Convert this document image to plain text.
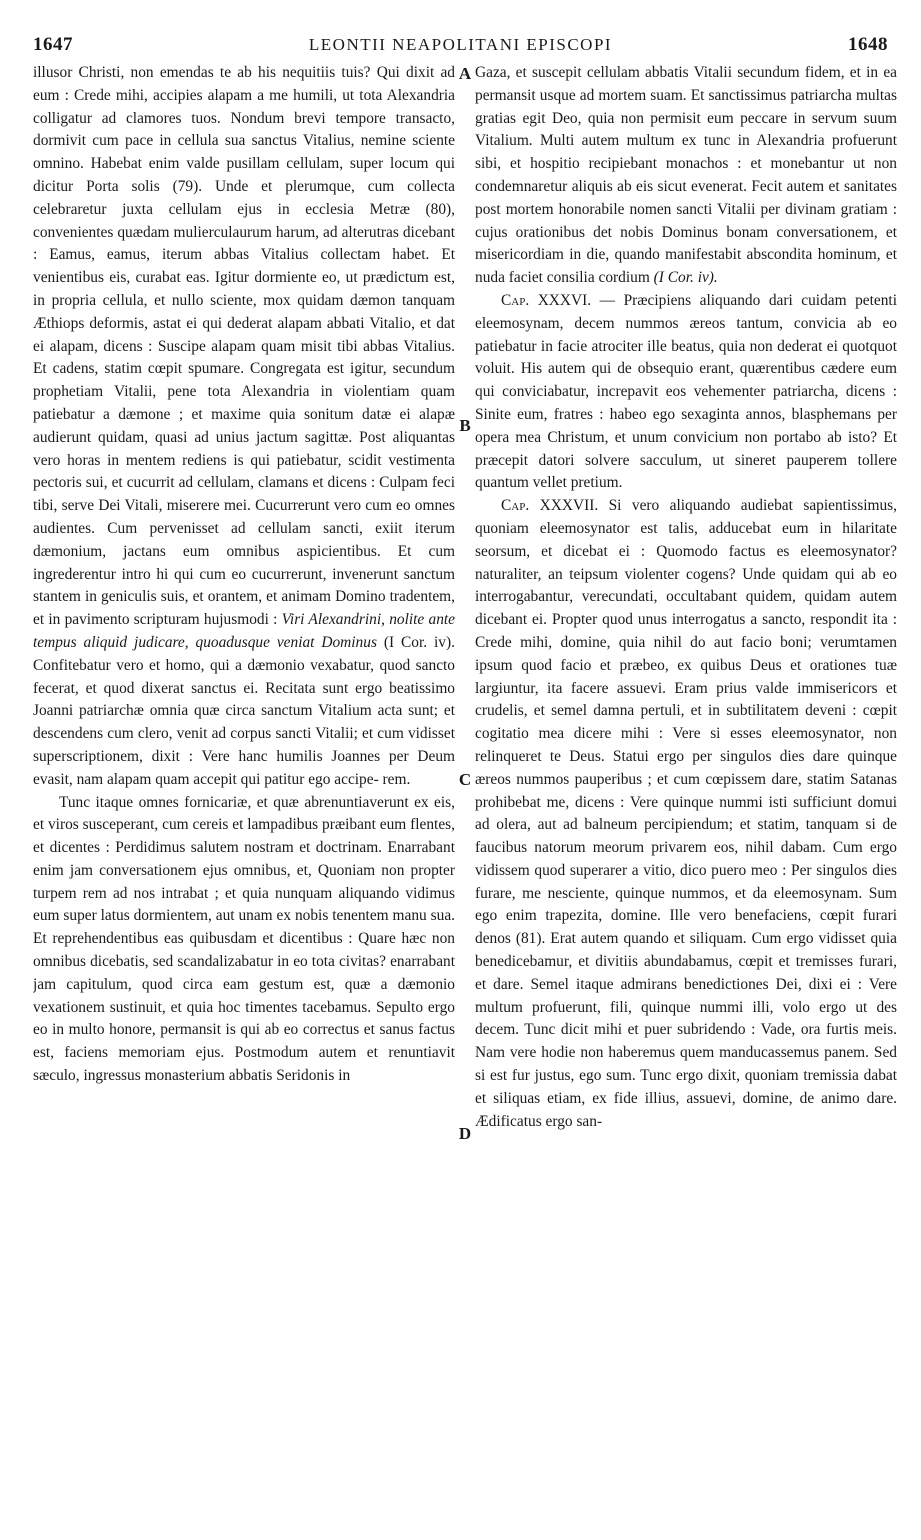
1647	LEONTII NEAPOLITANI EPISCOPI	1648

illusor Christi, non emendas te ab his nequitiis tuis? Qui dixit ad eum : Crede mihi, accipies alapam a me humili, ut tota Alexandria colligatur ad clamores tuos. Nondum brevi tempore transacto, dormivit cum pace in cellula sua sanctus Vitalius, nemine sciente omnino. Habebat enim valde pusillam cellulam, super locum qui dicitur Porta solis (79). Unde et plerumque, cum collecta celebraretur juxta cellulam ejus in ecclesia Metræ (80), convenientes quædam mulierculaurum harum, ad alterutras dicebant : Eamus, eamus, iterum abbas Vitalius collectam habet. Et venientibus eis, curabat eas. Igitur dormiente eo, ut prædictum est, in propria cellula, et nullo sciente, mox quidam dæmon tanquam Æthiops deformis, astat ei qui dederat alapam abbati Vitalio, et dat ei alapam, dicens : Suscipe alapam quam misit tibi abbas Vitalius. Et cadens, statim cœpit spumare. Congregata est igitur, secundum prophetiam Vitalii, pene tota Alexandria in violentiam quam patiebatur a dæmone ; et maxime quia sonitum datæ ei alapæ audierunt quidam, quasi ad unius jactum sagittæ. Post aliquantas vero horas in mentem rediens is qui patiebatur, scidit vestimenta pectoris sui, et cucurrit ad cellulam, clamans et dicens : Culpam feci tibi, serve Dei Vitali, miserere mei. Cucurrerunt vero cum eo omnes audientes. Cum pervenisset ad cellulam sancti, exiit iterum dæmonium, jactans eum omnibus aspicientibus. Et cum ingrederentur intro hi qui cum eo cucurrerunt, invenerunt sanctum stantem in geniculis suis, et orantem, et animam Domino tradentem, et in pavimento scripturam hujusmodi : Viri Alexandrini, nolite ante tempus aliquid judicare, quoadusque veniat Dominus (I Cor. iv). Confitebatur vero et homo, qui a dæmonio vexabatur, quod sancto fecerat, et quod dixerat sanctus ei. Recitata sunt ergo beatissimo Joanni patriarchæ omnia quæ circa sanctum Vitalium acta sunt; et descendens cum clero, venit ad corpus sancti Vitalii; et cum vidisset superscriptionem, dixit : Vere hanc humilis Joannes per Deum evasit, nam alapam quam accepit qui patitur ego accipe- rem.

Tunc itaque omnes fornicariæ, et quæ abrenuntiaverunt ex eis, et viros susceperant, cum cereis et lampadibus præibant eum flentes, et dicentes : Perdidimus salutem nostram et doctrinam. Enarrabant enim jam conversationem ejus omnibus, et, Quoniam non propter turpem rem ad nos intrabat ; et quia nunquam aliquando vidimus eum super latus dormientem, aut unam ex nobis tenentem manu sua. Et reprehendentibus eas quibusdam et dicentibus : Quare hæc non omnibus dicebatis, sed scandalizabatur in eo tota civitas? enarrabant jam capitulum, quod circa eam gestum est, quæ a dæmonio vexationem sustinuit, et quia hoc timentes tacebamus. Sepulto ergo eo in multo honore, permansit is qui ab eo correctus et sanus factus est, faciens memoriam ejus. Postmodum autem et renuntiavit sæculo, ingressus monasterium abbatis Seridonis in

A
B
C
D

Gaza, et suscepit cellulam abbatis Vitalii secundum fidem, et in ea permansit usque ad mortem suam. Et sanctissimus patriarcha multas gratias egit Deo, quia non permisit eum peccare in servum suum Vitalium. Multi autem multum ex tunc in Alexandria profuerunt sibi, et hospitio recipiebant monachos : et monebantur ut non condemnaretur aliquis ab eis sicut evenerat. Fecit autem et sanitates post mortem honorabile nomen sancti Vitalii per divinam gratiam : cujus orationibus det nobis Dominus bonam conversationem, et misericordiam in die, quando manifestabit abscondita hominum, et nuda faciet consilia cordium (I Cor. iv).

Cap. XXXVI. — Præcipiens aliquando dari cuidam petenti eleemosynam, decem nummos æreos tantum, convicia ab eo patiebatur in facie atrociter ille beatus, quia non dederat ei quotquot voluit. His autem qui de obsequio erant, quærentibus cædere eum qui conviciabatur, increpavit eos vehementer patriarcha, dicens : Sinite eum, fratres : habeo ego sexaginta annos, blasphemans per opera mea Christum, et unum convicium non portabo ab isto? Et præcepit datori solvere sacculum, ut sineret pauperem tollere quantum vellet pretium.

Cap. XXXVII. Si vero aliquando audiebat sapientissimus, quoniam eleemosynator est talis, adducebat eum in hilaritate seorsum, et dicebat ei : Quomodo factus es eleemosynator? naturaliter, an teipsum violenter cogens? Unde quidam qui ab eo interrogabantur, verecundati, occultabant quidem, quidam autem dicebant ei. Propter quod unus interrogatus a sancto, respondit ita : Crede mihi, domine, quia nihil do aut facio boni; verumtamen ipsum quod facio et præbeo, ex quibus Deus et orationes tuæ largiuntur, ita facere assuevi. Eram prius valde immisericors et crudelis, et semel damna pertuli, et in subtilitatem deveni : cœpit cogitatio mea dicere mihi : Vere si esses eleemosynator, non relinqueret te Deus. Statui ergo per singulos dies dare quinque æreos nummos pauperibus ; et cum cœpissem dare, statim Satanas prohibebat me, dicens : Vere quinque nummi isti sufficiunt domui ad olera, aut ad balneum percipiendum; et statim, tanquam si de faucibus natorum meorum privarem eos, nihil dabam. Cum ergo vidissem quod superarer a vitio, dico puero meo : Per singulos dies furare, me nesciente, quinque nummos, et da eleemosynam. Sum ego enim trapezita, domine. Ille vero benefaciens, cœpit furari denos (81). Erat autem quando et siliquam. Cum ergo vidisset quia benedicebamur, et divitiis abundabamus, cœpit et tremisses furari, et dare. Semel itaque admirans benedictiones Dei, dixi ei : Vere multum profuerunt, fili, quinque nummi illi, volo ergo ut des decem. Tunc dicit mihi et puer subridendo : Vade, ora furtis meis. Nam vere hodie non haberemus quem manducassemus panem. Sed si est fur justus, ego sum. Tunc ergo dixit, quoniam tremissia dabat et siliquas etiam, ex fide illius, assuevi, domine, de animo dare. Ædificatus ergo san-
